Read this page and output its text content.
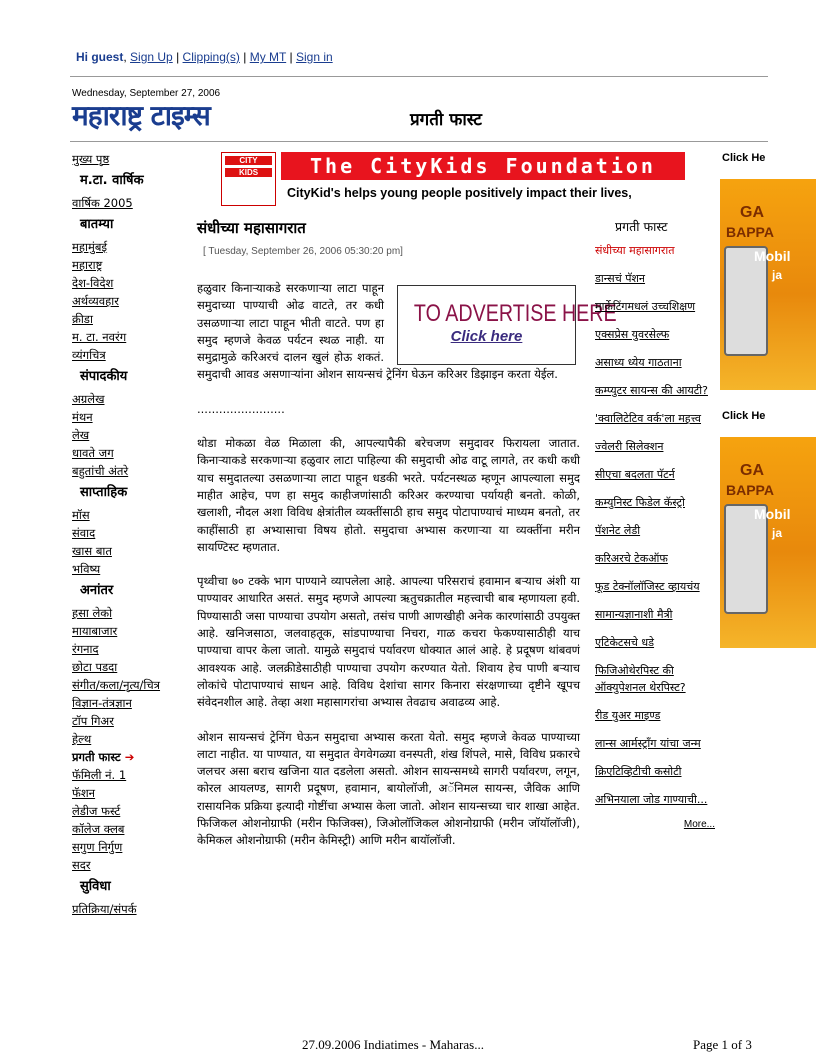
Hi guest, Sign Up | Clipping(s) | My MT | Sign in
Wednesday, September 27, 2006
महाराष्ट्र टाइम्स	प्रगती फास्ट
मुख्य पृष्ठ
म.टा. वार्षिक
वार्षिक 2005
बातम्या
महामुंबई
महाराष्ट्र
देश-विदेश
अर्थव्यवहार
क्रीडा
म. टा. नवरंग
व्यंगचित्र
संपादकीय
अग्रलेख
मंथन
लेख
धावते जग
बहुतांची अंतरे
साप्ताहिक
मॉस
संवाद
खास बात
भविष्य
अनांतर
हसा लेको
मायाबाजार
रंगनाद
छोटा पडदा
संगीत/कला/नृत्य/चित्र
विज्ञान-तंत्रज्ञान
टॉप गिअर
हेल्थ
प्रगती फास्ट ➔
फॅमिली नं. 1
फॅशन
लेडीज फर्स्ट
कॉलेज क्लब
सगुण निर्गुण
सदर
सुविधा
प्रतिक्रिया/संपर्क
CITY
KIDS	The CityKids Foundation
CityKid's helps young people positively impact their lives,
संधीच्या महासागरात
[ Tuesday, September 26, 2006 05:30:20 pm]

हळुवार किनाऱ्याकडे सरकणाऱ्या लाटा पाहून समुदाच्या पाण्याची ओढ वाटते, तर कधी उसळणाऱ्या लाटा पाहून भीती वाटते. पण हा समुद म्हणजे केवळ पर्यटन स्थळ नाही. या समुद्रामुळे करिअरचं दालन खुलं होऊ शकतं. समुदाची आवड असणाऱ्यांना ओशन सायन्सचं ट्रेनिंग घेऊन करिअर डिझाइन करता येईल.

........................

थोडा मोकळा वेळ मिळाला की, आपल्यापैकी बरेचजण समुदावर फिरायला जातात. किनाऱ्याकडे सरकणाऱ्या हळुवार लाटा पाहिल्या की समुदाची ओढ वाटू लागते, तर कधी कधी याच समुदातल्या उसळणाऱ्या लाटा पाहून धडकी भरते. पर्यटनस्थळ म्हणून आपल्याला समुद माहीत आहेच, पण हा समुद काहीजणांसाठी करिअर करण्याचा पर्यायही बनतो. कोळी, खलाशी, नौदल अशा विविध क्षेत्रांतील व्यक्तींसाठी हाच समुद पोटापाण्याचं माध्यम बनतो, तर काहींसाठी हा अभ्यासाचा विषय होतो. समुदाचा अभ्यास करणाऱ्या या व्यक्तींना मरीन सायण्टिस्ट म्हणतात.

पृथ्वीचा ७० टक्के भाग पाण्याने व्यापलेला आहे. आपल्या परिसराचं हवामान बऱ्याच अंशी या पाण्यावर आधारित असतं. समुद म्हणजे आपल्या ऋतुचक्रातील महत्त्वाची बाब म्हणायला हवी. पिण्यासाठी जसा पाण्याचा उपयोग असतो, तसंच पाणी आणखीही अनेक कारणांसाठी उपयुक्त आहे. खनिजसाठा, जलवाहतूक, सांडपाण्याचा निचरा, गाळ कचरा फेकण्यासाठीही याच पाण्याचा वापर केला जातो. यामुळे समुदाचं पर्यावरण धोक्यात आलं आहे. हे प्रदूषण थांबवणं आवश्यक आहे. जलक्रीडेसाठीही पाण्याचा उपयोग करण्यात येतो. शिवाय हेच पाणी बऱ्याच लोकांचे पोटापाण्याचं साधन आहे. विविध देशांचा सागर किनारा संरक्षणाच्या दृष्टीने खूपच संवेदनशील आहे. तेव्हा अशा महासागरांचा अभ्यास तेवढाच अवाढव्य आहे.

ओशन सायन्सचं ट्रेनिंग घेऊन समुदाचा अभ्यास करता येतो. समुद म्हणजे केवळ पाण्याच्या लाटा नाहीत. या पाण्यात, या समुदात वेगवेगळ्या वनस्पती, शंख शिंपले, मासे, विविध प्रकारचे जलचर असा बराच खजिना यात दडलेला असतो. ओशन सायन्समध्ये सागरी पर्यावरण, लगून, कोरल आयलण्ड, सागरी प्रदूषण, हवामान, बायोलॉजी, अॅनिमल सायन्स, जैविक आणि रासायनिक प्रक्रिया इत्यादी गोष्टींचा अभ्यास केला जातो. ओशन सायन्सच्या चार शाखा आहेत. फिजिकल ओशनोग्राफी (मरीन फिजिक्स), जिओलॉजिकल ओशनोग्राफी (मरीन जॉयॉलॉजी), केमिकल ओशनोग्राफी (मरीन केमिस्ट्री) आणि मरीन बायॉलॉजी.

TO ADVERTISE HERE
Click here
प्रगती फास्ट
संधीच्या महासागरात
डान्सचं पॅशन
मार्केटिंगमधलं उच्चशिक्षण
एक्सप्रेस युवरसेल्फ
असाध्य ध्येय गाठताना
कम्प्युटर सायन्स की आयटी?
'क्वालिटेटिव वर्क'ला महत्त्व
ज्वेलरी सिलेक्शन
सीएचा बदलता पॅटर्न
कम्युनिस्ट फिडेल कॅस्ट्रो
पॅशनेट लेडी
करिअरचे टेकऑफ
फूड टेक्नॉलॉजिस्ट व्हायचंय
सामान्यज्ञानाशी मैत्री
एटिकेटसचे धडे
फिजिओथेरपिस्ट की ऑक्युपेशनल थेरपिस्ट?
रीड युअर माइण्ड
लान्स आर्मस्ट्राँग यांचा जन्म
क्रिएटिव्हिटीची कसोटी
अभिनयाला जोड गाण्याची...
More...
Click He
GA
BAPPA
Mobil
ja
Click He
GA
BAPPA
Mobil
ja
27.09.2006 Indiatimes - Maharas...	Page 1 of 3
